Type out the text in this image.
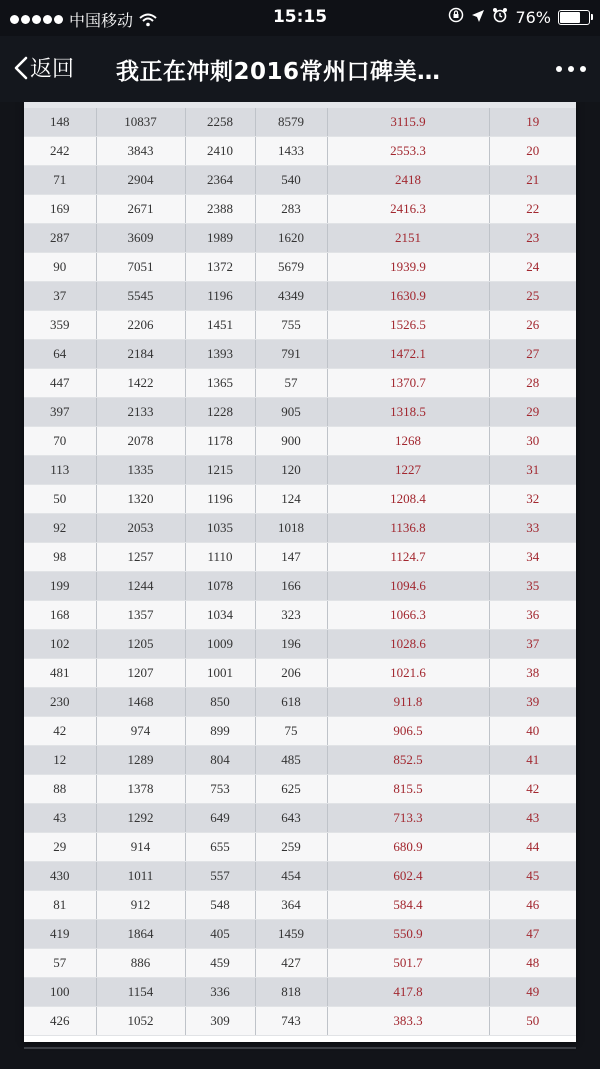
中国移动	15:15	76%
返回 我正在冲刺2016常州口碑美…
148	10837	2258	8579	3115.9	19
242	3843	2410	1433	2553.3	20
71	2904	2364	540	2418	21
169	2671	2388	283	2416.3	22
287	3609	1989	1620	2151	23
90	7051	1372	5679	1939.9	24
37	5545	1196	4349	1630.9	25
359	2206	1451	755	1526.5	26
64	2184	1393	791	1472.1	27
447	1422	1365	57	1370.7	28
397	2133	1228	905	1318.5	29
70	2078	1178	900	1268	30
113	1335	1215	120	1227	31
50	1320	1196	124	1208.4	32
92	2053	1035	1018	1136.8	33
98	1257	1110	147	1124.7	34
199	1244	1078	166	1094.6	35
168	1357	1034	323	1066.3	36
102	1205	1009	196	1028.6	37
481	1207	1001	206	1021.6	38
230	1468	850	618	911.8	39
42	974	899	75	906.5	40
12	1289	804	485	852.5	41
88	1378	753	625	815.5	42
43	1292	649	643	713.3	43
29	914	655	259	680.9	44
430	1011	557	454	602.4	45
81	912	548	364	584.4	46
419	1864	405	1459	550.9	47
57	886	459	427	501.7	48
100	1154	336	818	417.8	49
426	1052	309	743	383.3	50
